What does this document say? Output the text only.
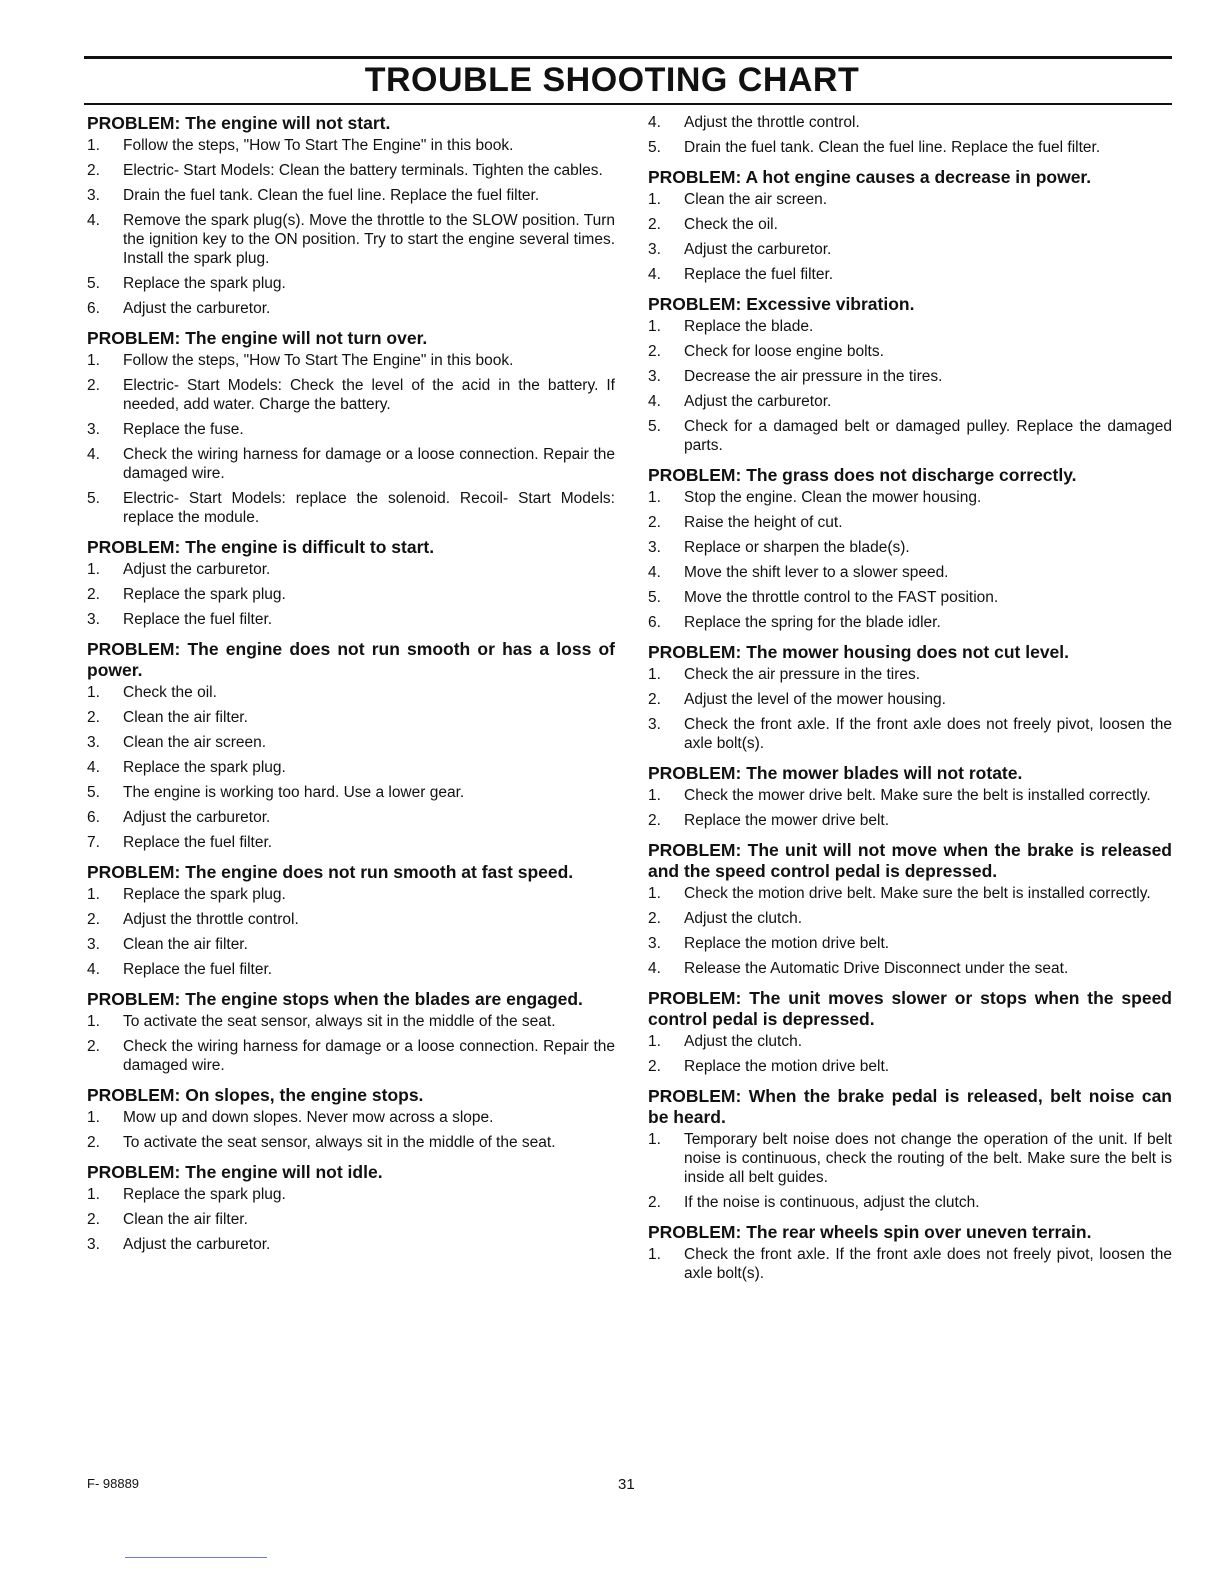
TROUBLE SHOOTING CHART
PROBLEM: The engine will not start.
1.	Follow the steps, "How To Start The Engine" in this book.
2.	Electric- Start Models: Clean the battery terminals. Tighten the cables.
3.	Drain the fuel tank. Clean the fuel line. Replace the fuel filter.
4.	Remove the spark plug(s). Move the throttle to the SLOW position. Turn the ignition key to the ON position. Try to start the engine several times. Install the spark plug.
5.	Replace the spark plug.
6.	Adjust the carburetor.
PROBLEM: The engine will not turn over.
1.	Follow the steps, "How To Start The Engine" in this book.
2.	Electric- Start Models: Check the level of the acid in the battery. If needed, add water. Charge the battery.
3.	Replace the fuse.
4.	Check the wiring harness for damage or a loose connection. Repair the damaged wire.
5.	Electric- Start Models: replace the solenoid. Recoil- Start Models: replace the module.
PROBLEM: The engine is difficult to start.
1.	Adjust the carburetor.
2.	Replace the spark plug.
3.	Replace the fuel filter.
PROBLEM: The engine does not run smooth or has a loss of power.
1.	Check the oil.
2.	Clean the air filter.
3.	Clean the air screen.
4.	Replace the spark plug.
5.	The engine is working too hard. Use a lower gear.
6.	Adjust the carburetor.
7.	Replace the fuel filter.
PROBLEM: The engine does not run smooth at fast speed.
1.	Replace the spark plug.
2.	Adjust the throttle control.
3.	Clean the air filter.
4.	Replace the fuel filter.
PROBLEM: The engine stops when the blades are engaged.
1.	To activate the seat sensor, always sit in the middle of the seat.
2.	Check the wiring harness for damage or a loose connection. Repair the damaged wire.
PROBLEM: On slopes, the engine stops.
1.	Mow up and down slopes. Never mow across a slope.
2.	To activate the seat sensor, always sit in the middle of the seat.
PROBLEM: The engine will not idle.
1.	Replace the spark plug.
2.	Clean the air filter.
3.	Adjust the carburetor.
4.	Adjust the throttle control.
5.	Drain the fuel tank. Clean the fuel line. Replace the fuel filter.
PROBLEM: A hot engine causes a decrease in power.
1.	Clean the air screen.
2.	Check the oil.
3.	Adjust the carburetor.
4.	Replace the fuel filter.
PROBLEM: Excessive vibration.
1.	Replace the blade.
2.	Check for loose engine bolts.
3.	Decrease the air pressure in the tires.
4.	Adjust the carburetor.
5.	Check for a damaged belt or damaged pulley. Replace the damaged parts.
PROBLEM: The grass does not discharge correctly.
1.	Stop the engine. Clean the mower housing.
2.	Raise the height of cut.
3.	Replace or sharpen the blade(s).
4.	Move the shift lever to a slower speed.
5.	Move the throttle control to the FAST position.
6.	Replace the spring for the blade idler.
PROBLEM: The mower housing does not cut level.
1.	Check the air pressure in the tires.
2.	Adjust the level of the mower housing.
3.	Check the front axle. If the front axle does not freely pivot, loosen the axle bolt(s).
PROBLEM: The mower blades will not rotate.
1.	Check the mower drive belt. Make sure the belt is installed correctly.
2.	Replace the mower drive belt.
PROBLEM: The unit will not move when the brake is released and the speed control pedal is depressed.
1.	Check the motion drive belt. Make sure the belt is installed correctly.
2.	Adjust the clutch.
3.	Replace the motion drive belt.
4.	Release the Automatic Drive Disconnect under the seat.
PROBLEM: The unit moves slower or stops when the speed control pedal is depressed.
1.	Adjust the clutch.
2.	Replace the motion drive belt.
PROBLEM: When the brake pedal is released, belt noise can be heard.
1.	Temporary belt noise does not change the operation of the unit. If belt noise is continuous, check the routing of the belt. Make sure the belt is inside all belt guides.
2.	If the noise is continuous, adjust the clutch.
PROBLEM: The rear wheels spin over uneven terrain.
1.	Check the front axle. If the front axle does not freely pivot, loosen the axle bolt(s).
F- 98889	31
